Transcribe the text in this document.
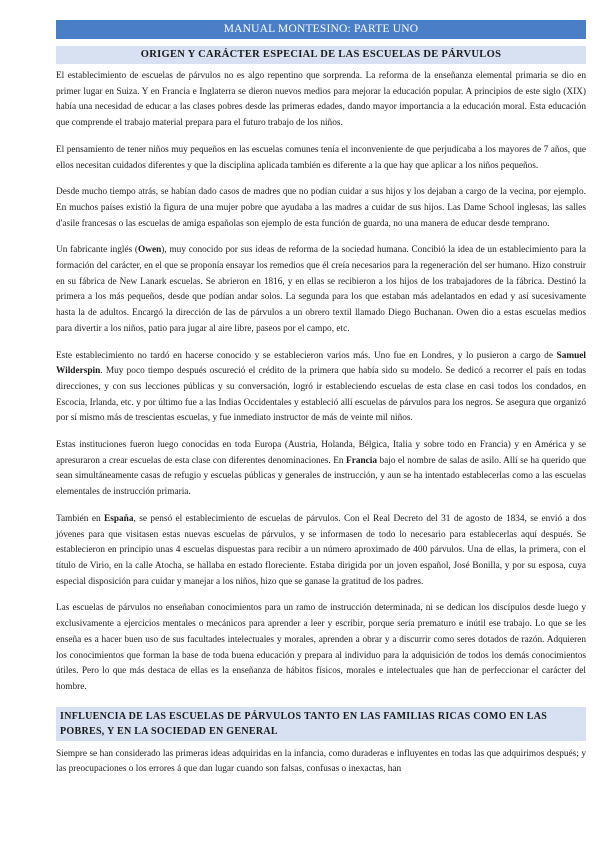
MANUAL MONTESINO: PARTE UNO
ORIGEN Y CARÁCTER ESPECIAL DE LAS ESCUELAS DE PÁRVULOS

El establecimiento de escuelas de párvulos no es algo repentino que sorprenda. La reforma de la enseñanza elemental primaria se dio en primer lugar en Suiza. Y en Francia e Inglaterra se dieron nuevos medios para mejorar la educación popular. A principios de este siglo (XIX) había una necesidad de educar a las clases pobres desde las primeras edades, dando mayor importancia a la educación moral. Esta educación que comprende el trabajo material prepara para el futuro trabajo de los niños.

El pensamiento de tener niños muy pequeños en las escuelas comunes tenía el inconveniente de que perjudicaba a los mayores de 7 años, que ellos necesitan cuidados diferentes y que la disciplina aplicada también es diferente a la que hay que aplicar a los niños pequeños.

Desde mucho tiempo atrás, se habían dado casos de madres que no podían cuidar a sus hijos y los dejaban a cargo de la vecina, por ejemplo. En muchos países existió la figura de una mujer pobre que ayudaba a las madres a cuidar de sus hijos. Las Dame School inglesas, las salles d'asile francesas o las escuelas de amiga españolas son ejemplo de esta función de guarda, no una manera de educar desde temprano.

Un fabricante inglés (Owen), muy conocido por sus ideas de reforma de la sociedad humana. Concibió la idea de un establecimiento para la formación del carácter, en el que se proponía ensayar los remedios que él creía necesarios para la regeneración del ser humano. Hizo construir en su fábrica de New Lanark escuelas. Se abrieron en 1816, y en ellas se recibieron a los hijos de los trabajadores de la fábrica. Destinó la primera a los más pequeños, desde que podían andar solos. La segunda para los que estaban más adelantados en edad y así sucesivamente hasta la de adultos. Encargó la dirección de las de párvulos a un obrero textil llamado Diego Buchanan. Owen dio a estas escuelas medios para divertir a los niños, patio para jugar al aire libre, paseos por el campo, etc.

Este establecimiento no tardó en hacerse conocido y se establecieron varios más. Uno fue en Londres, y lo pusieron a cargo de Samuel Wilderspin. Muy poco tiempo después oscureció el crédito de la primera que había sido su modelo. Se dedicó a recorrer el país en todas direcciones, y con sus lecciones públicas y su conversación, logró ir estableciendo escuelas de esta clase en casi todos los condados, en Escocia, Irlanda, etc. y por último fue a las Indias Occidentales y estableció allí escuelas de párvulos para los negros. Se asegura que organizó por sí mismo más de trescientas escuelas, y fue inmediato instructor de más de veinte mil niños.

Estas instituciones fueron luego conocidas en toda Europa (Austria, Holanda, Bélgica, Italia y sobre todo en Francia) y en América y se apresuraron a crear escuelas de esta clase con diferentes denominaciones. En Francia bajo el nombre de salas de asilo. Allí se ha querido que sean simultáneamente casas de refugio y escuelas públicas y generales de instrucción, y aun se ha intentado establecerlas como a las escuelas elementales de instrucción primaria.

También en España, se pensó el establecimiento de escuelas de párvulos. Con el Real Decreto del 31 de agosto de 1834, se envió a dos jóvenes para que visitasen estas nuevas escuelas de párvulos, y se informasen de todo lo necesario para establecerlas aquí después. Se establecieron en principio unas 4 escuelas dispuestas para recibir a un número aproximado de 400 párvulos. Una de ellas, la primera, con el título de Virio, en la calle Atocha, se hallaba en estado floreciente. Estaba dirigida por un joven español, José Bonilla, y por su esposa, cuya especial disposición para cuidar y manejar a los niños, hizo que se ganase la gratitud de los padres.

Las escuelas de párvulos no enseñaban conocimientos para un ramo de instrucción determinada, ni se dedican los discípulos desde luego y exclusivamente a ejercicios mentales o mecánicos para aprender a leer y escribir, porque sería prematuro e inútil ese trabajo. Lo que se les enseña es a hacer buen uso de sus facultades intelectuales y morales, aprenden a obrar y a discurrir como seres dotados de razón. Adquieren los conocimientos que forman la base de toda buena educación y prepara al individuo para la adquisición de todos los demás conocimientos útiles. Pero lo que más destaca de ellas es la enseñanza de hábitos físicos, morales e intelectuales que han de perfeccionar el carácter del hombre.

INFLUENCIA DE LAS ESCUELAS DE PÁRVULOS TANTO EN LAS FAMILIAS RICAS COMO EN LAS POBRES, Y EN LA SOCIEDAD EN GENERAL

Siempre se han considerado las primeras ideas adquiridas en la infancia, como duraderas e influyentes en todas las que adquirimos después; y las preocupaciones o los errores á que dan lugar cuando son falsas, confusas o inexactas, han
